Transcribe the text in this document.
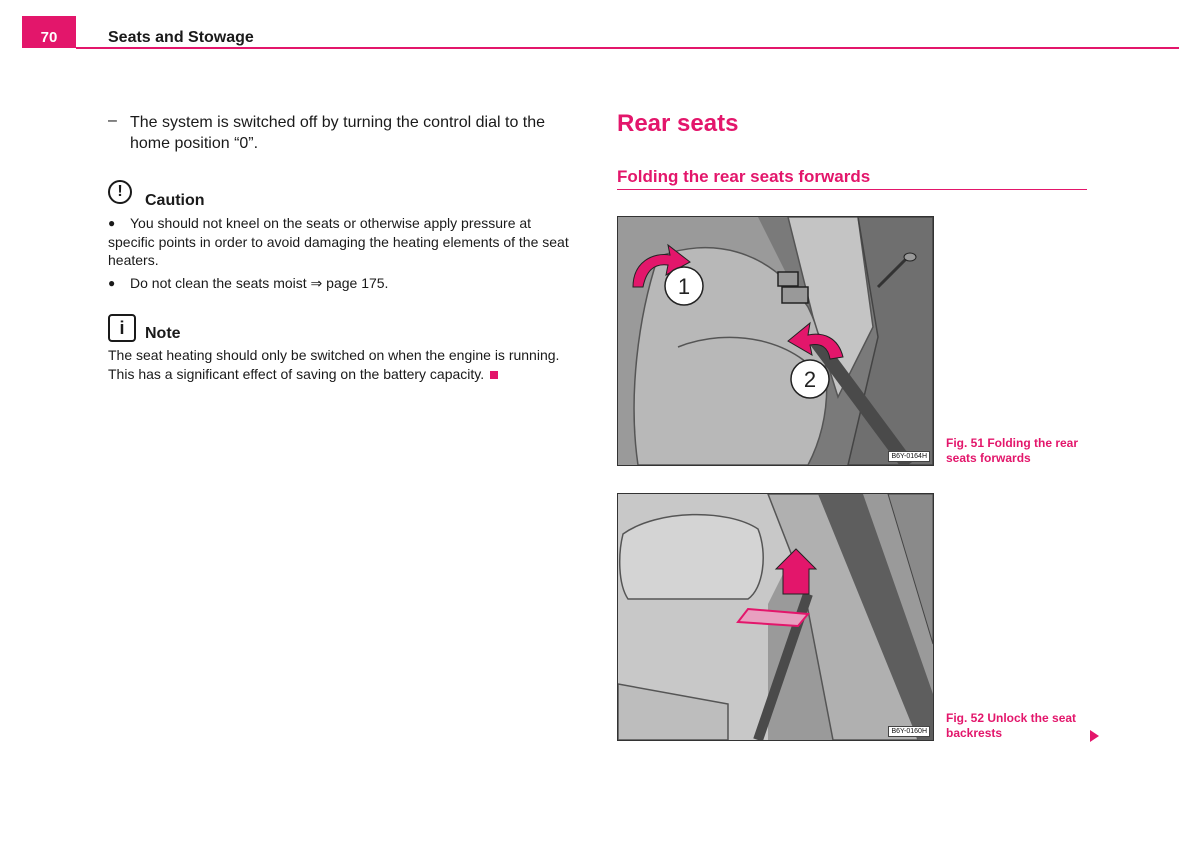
70	Seats and Stowage
– The system is switched off by turning the control dial to the home position “0”.
!
Caution
●	You should not kneel on the seats or otherwise apply pressure at specific points in order to avoid damaging the heating elements of the seat heaters.
● Do not clean the seats moist ⇒ page 175.
i	Note
The seat heating should only be switched on when the engine is running. This has a significant effect of saving on the battery capacity.
Rear seats
Folding the rear seats forwards
1
2
B6Y-0164H
Fig. 51 Folding the rear seats forwards
B6Y-0160H
Fig. 52 Unlock the seat backrests
